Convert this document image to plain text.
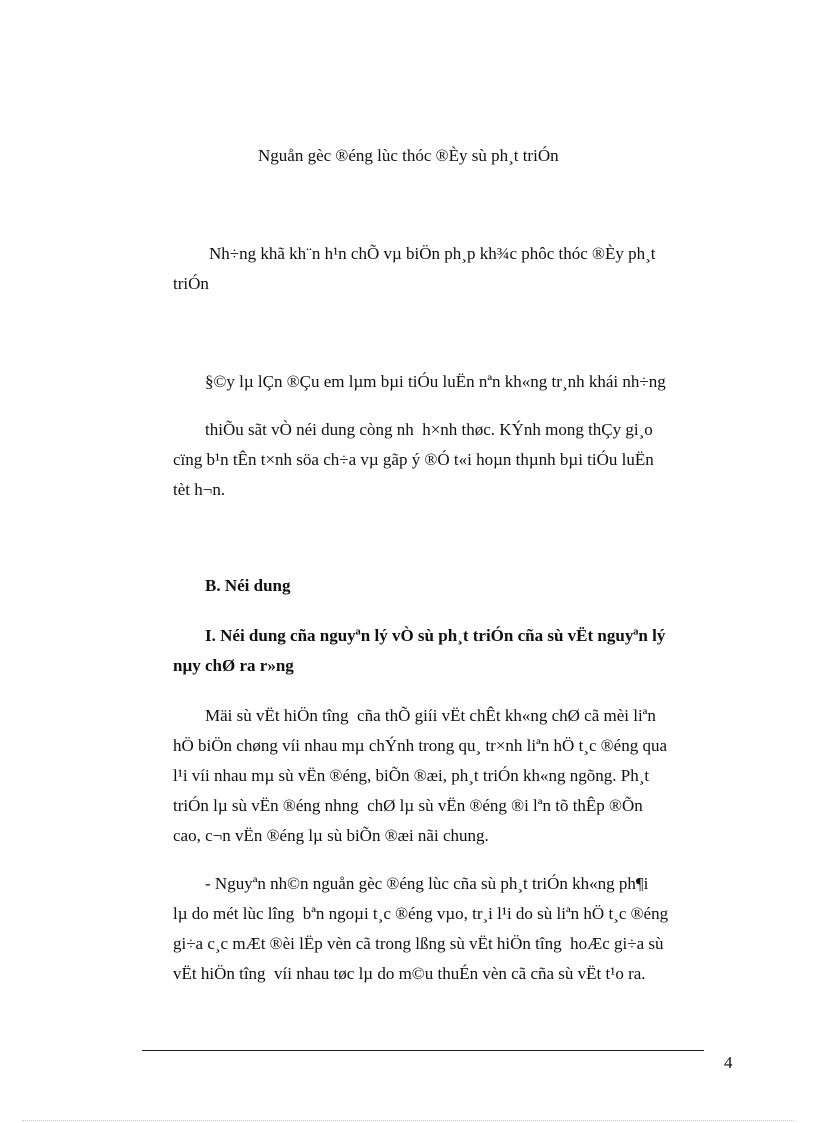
Nguån gèc ®éng lùc thóc ®Èy sù ph¸t triÓn
Nh÷ng khã kh¨n h¹n chÕ vµ biÖn ph¸p kh¾c phôc thóc ®Èy ph¸t
triÓn
§©y lµ lÇn ®Çu em lµm bµi tiÓu luËn nªn kh«ng tr¸nh khái nh÷ng
thiÕu sãt vÒ néi dung còng nh  h×nh thøc. KÝnh mong thÇy gi¸o
cïng b¹n tÊn t×nh söa ch÷a vµ gãp ý ®Ó t«i hoµn thµnh bµi tiÓu luËn
tèt h¬n.
B. Néi dung
I. Néi dung cña nguyªn lý vÒ sù ph¸t triÓn cña sù vËt nguyªn lý
nµy chØ ra r»ng
Mäi sù vËt hiÖn tîng  cña thÕ giíi vËt chÊt kh«ng chØ cã mèi liªn
hÖ biÖn chøng víi nhau mµ chÝnh trong qu¸ tr×nh liªn hÖ t¸c ®éng qua
l¹i víi nhau mµ sù vËn ®éng, biÕn ®æi, ph¸t triÓn kh«ng ngõng. Ph¸t
triÓn lµ sù vËn ®éng nhng  chØ lµ sù vËn ®éng ®i lªn tõ thÊp ®Õn
cao, c¬n vËn ®éng lµ sù biÕn ®æi nãi chung.
- Nguyªn nh©n nguån gèc ®éng lùc cña sù ph¸t triÓn kh«ng ph¶i
lµ do mét lùc lîng  bªn ngoµi t¸c ®éng vµo, tr¸i l¹i do sù liªn hÖ t¸c ®éng
gi÷a c¸c mÆt ®èi lËp vèn cã trong lßng sù vËt hiÖn tîng  hoÆc gi÷a sù
vËt hiÖn tîng  víi nhau tøc lµ do m©u thuÉn vèn cã cña sù vËt t¹o ra.
4
